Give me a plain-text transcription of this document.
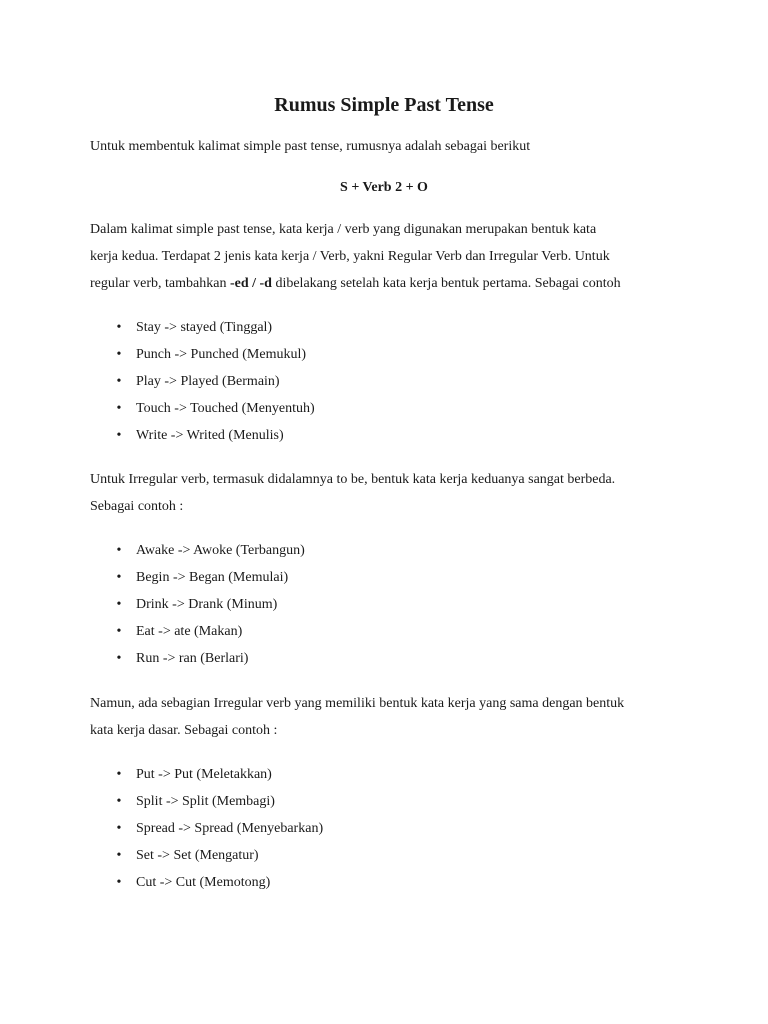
Rumus Simple Past Tense

Untuk membentuk kalimat simple past tense, rumusnya adalah sebagai berikut

S + Verb 2 + O

Dalam kalimat simple past tense, kata kerja / verb yang digunakan merupakan bentuk kata
kerja kedua. Terdapat 2 jenis kata kerja / Verb, yakni Regular Verb dan Irregular Verb. Untuk
regular verb, tambahkan -ed / -d dibelakang setelah kata kerja bentuk pertama. Sebagai contoh
• Stay -> stayed (Tinggal)
• Punch -> Punched (Memukul)
• Play -> Played (Bermain)
• Touch -> Touched (Menyentuh)
• Write -> Writed (Menulis)
Untuk Irregular verb, termasuk didalamnya to be, bentuk kata kerja keduanya sangat berbeda.
Sebagai contoh :
• Awake -> Awoke (Terbangun)
• Begin -> Began (Memulai)
• Drink -> Drank (Minum)
• Eat -> ate (Makan)
• Run -> ran (Berlari)
Namun, ada sebagian Irregular verb yang memiliki bentuk kata kerja yang sama dengan bentuk
kata kerja dasar. Sebagai contoh :
• Put -> Put (Meletakkan)
• Split -> Split (Membagi)
• Spread -> Spread (Menyebarkan)
• Set -> Set (Mengatur)
• Cut -> Cut (Memotong)
